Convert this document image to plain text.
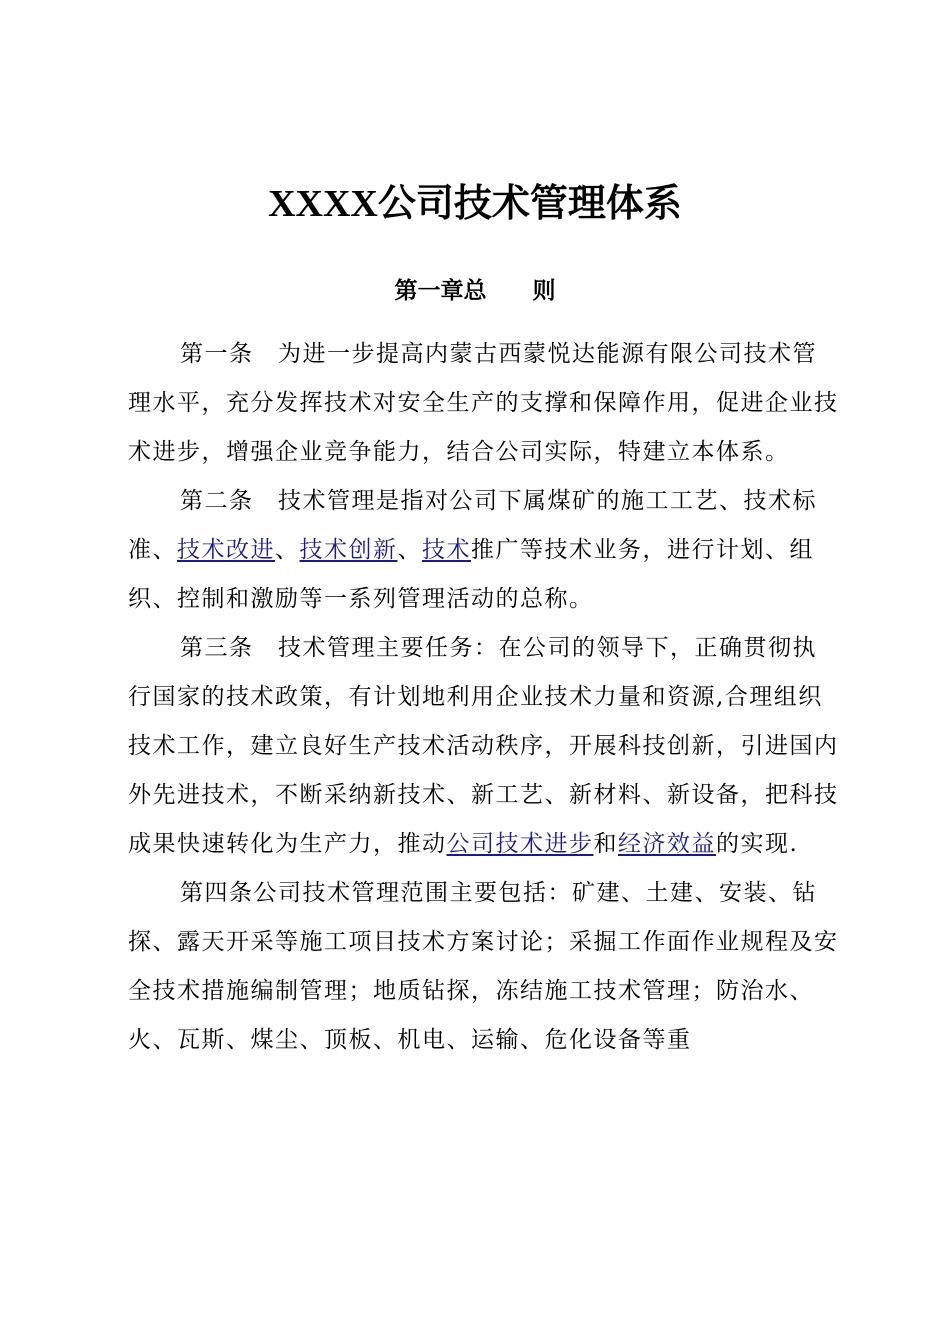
XXXX公司技术管理体系
第一章总　　则

第一条　为进一步提高内蒙古西蒙悦达能源有限公司技术管理水平，充分发挥技术对安全生产的支撑和保障作用，促进企业技术进步，增强企业竞争能力，结合公司实际，特建立本体系。

第二条　技术管理是指对公司下属煤矿的施工工艺、技术标准、技术改进、技术创新、技术推广等技术业务，进行计划、组织、控制和激励等一系列管理活动的总称。

第三条　技术管理主要任务：在公司的领导下，正确贯彻执行国家的技术政策，有计划地利用企业技术力量和资源,合理组织技术工作，建立良好生产技术活动秩序，开展科技创新，引进国内外先进技术，不断采纳新技术、新工艺、新材料、新设备，把科技成果快速转化为生产力，推动公司技术进步和经济效益的实现.

第四条公司技术管理范围主要包括：矿建、土建、安装、钻探、露天开采等施工项目技术方案讨论；采掘工作面作业规程及安全技术措施编制管理；地质钻探，冻结施工技术管理；防治水、火、瓦斯、煤尘、顶板、机电、运输、危化设备等重
